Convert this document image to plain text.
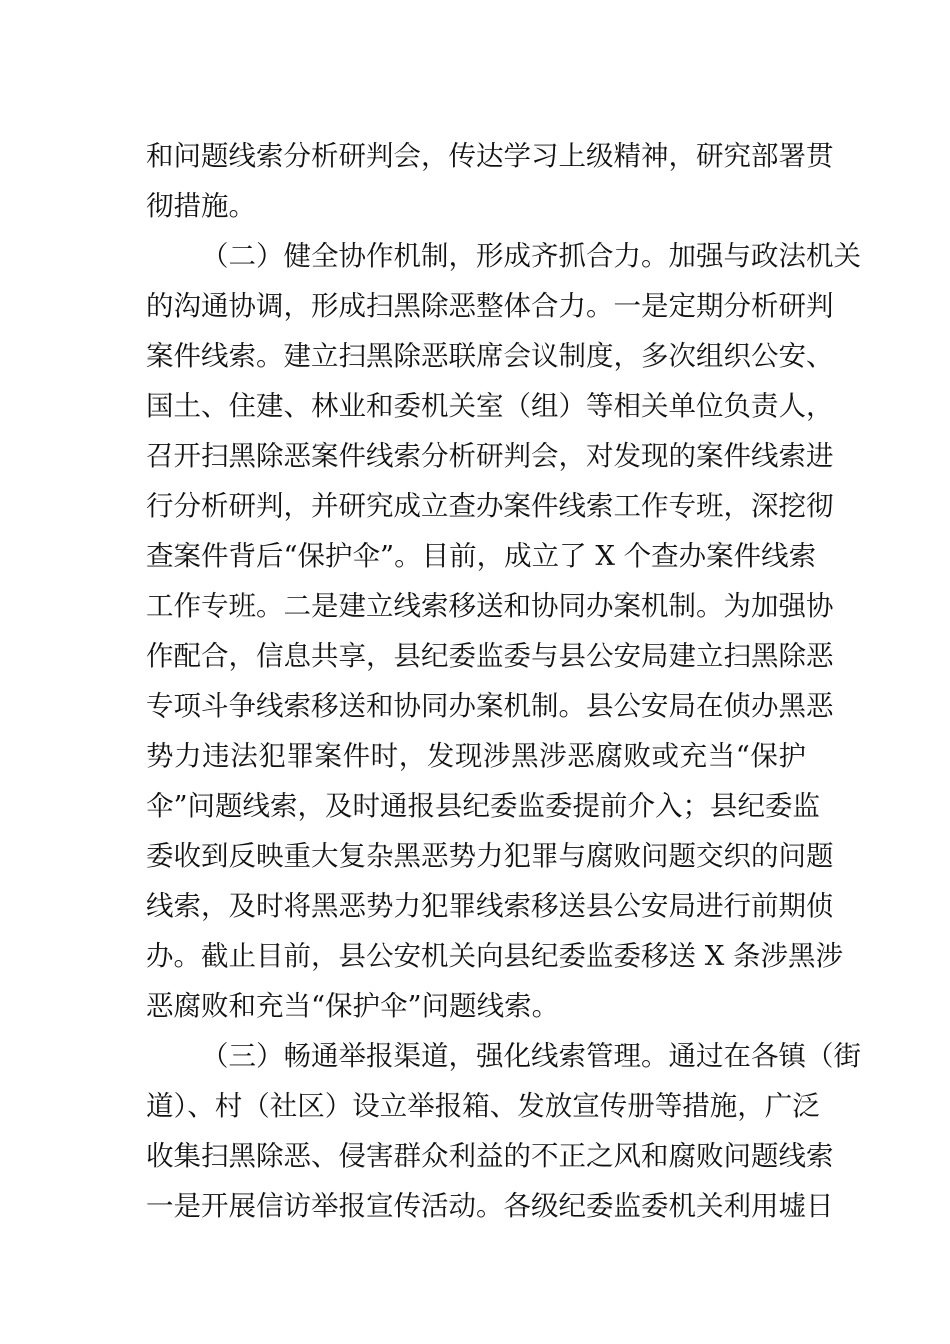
和问题线索分析研判会，传达学习上级精神，研究部署贯
彻措施。
（二）健全协作机制，形成齐抓合力。加强与政法机关
的沟通协调，形成扫黑除恶整体合力。一是定期分析研判
案件线索。建立扫黑除恶联席会议制度，多次组织公安、
国土、住建、林业和委机关室（组）等相关单位负责人，
召开扫黑除恶案件线索分析研判会，对发现的案件线索进
行分析研判，并研究成立查办案件线索工作专班，深挖彻
查案件背后“保护伞”。目前，成立了 X 个查办案件线索
工作专班。二是建立线索移送和协同办案机制。为加强协
作配合，信息共享，县纪委监委与县公安局建立扫黑除恶
专项斗争线索移送和协同办案机制。县公安局在侦办黑恶
势力违法犯罪案件时，发现涉黑涉恶腐败或充当“保护
伞”问题线索，及时通报县纪委监委提前介入；县纪委监
委收到反映重大复杂黑恶势力犯罪与腐败问题交织的问题
线索，及时将黑恶势力犯罪线索移送县公安局进行前期侦
办。截止目前，县公安机关向县纪委监委移送 X 条涉黑涉
恶腐败和充当“保护伞”问题线索。
（三）畅通举报渠道，强化线索管理。通过在各镇（街
道）、村（社区）设立举报箱、发放宣传册等措施，广泛
收集扫黑除恶、侵害群众利益的不正之风和腐败问题线索
一是开展信访举报宣传活动。各级纪委监委机关利用墟日
